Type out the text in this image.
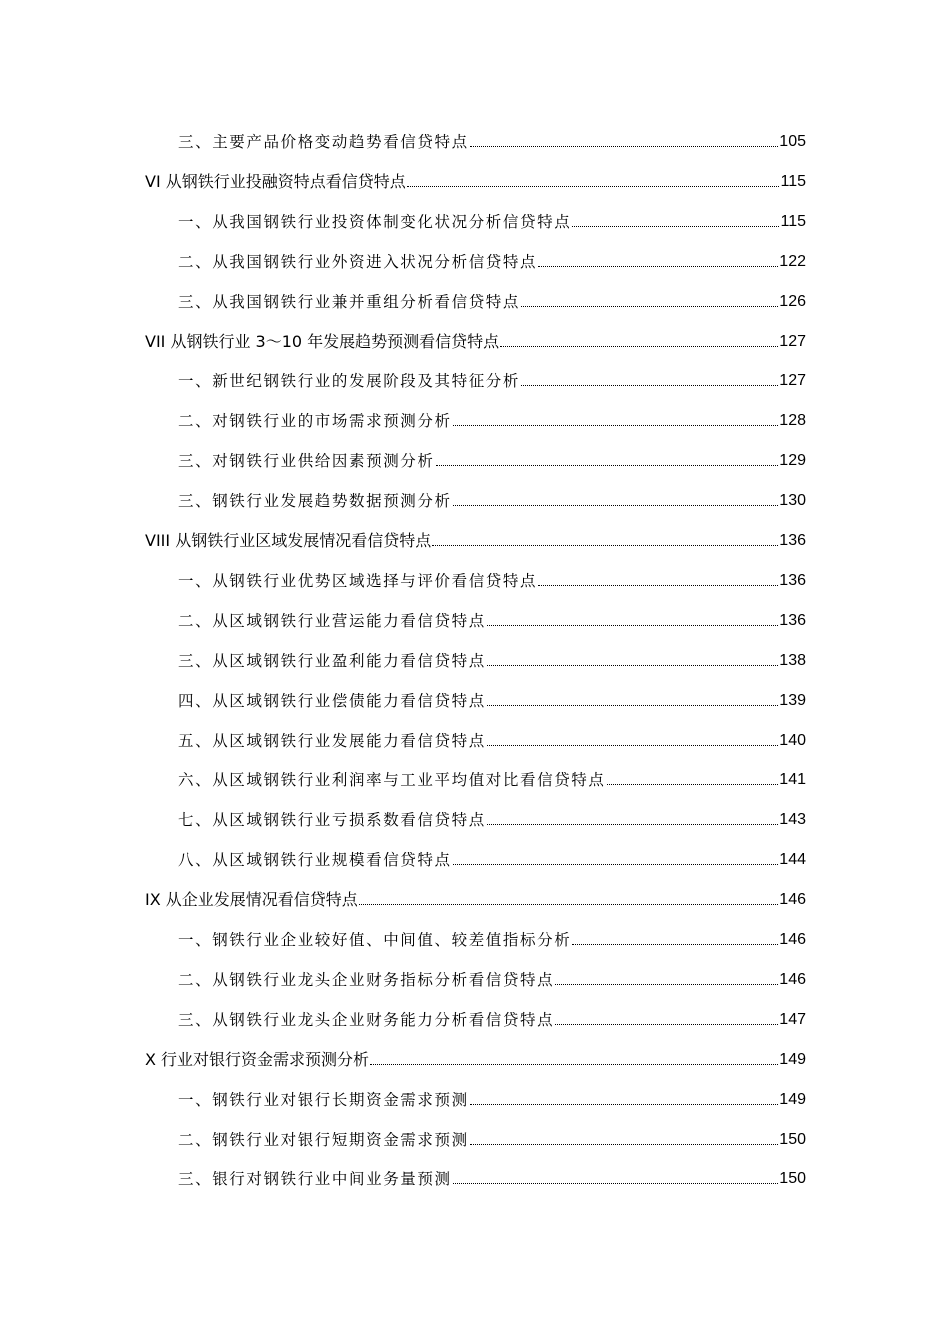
三、主要产品价格变动趋势看信贷特点	105
VI 从钢铁行业投融资特点看信贷特点	115
一、从我国钢铁行业投资体制变化状况分析信贷特点	115
二、从我国钢铁行业外资进入状况分析信贷特点	122
三、从我国钢铁行业兼并重组分析看信贷特点	126
VII 从钢铁行业 3～10 年发展趋势预测看信贷特点	127
一、新世纪钢铁行业的发展阶段及其特征分析	127
二、对钢铁行业的市场需求预测分析	128
三、对钢铁行业供给因素预测分析	129
三、钢铁行业发展趋势数据预测分析	130
VIII 从钢铁行业区域发展情况看信贷特点	136
一、从钢铁行业优势区域选择与评价看信贷特点	136
二、从区域钢铁行业营运能力看信贷特点	136
三、从区域钢铁行业盈利能力看信贷特点	138
四、从区域钢铁行业偿债能力看信贷特点	139
五、从区域钢铁行业发展能力看信贷特点	140
六、从区域钢铁行业利润率与工业平均值对比看信贷特点	141
七、从区域钢铁行业亏损系数看信贷特点	143
八、从区域钢铁行业规模看信贷特点	144
IX 从企业发展情况看信贷特点	146
一、钢铁行业企业较好值、中间值、较差值指标分析	146
二、从钢铁行业龙头企业财务指标分析看信贷特点	146
三、从钢铁行业龙头企业财务能力分析看信贷特点	147
X 行业对银行资金需求预测分析	149
一、钢铁行业对银行长期资金需求预测	149
二、钢铁行业对银行短期资金需求预测	150
三、银行对钢铁行业中间业务量预测	150
